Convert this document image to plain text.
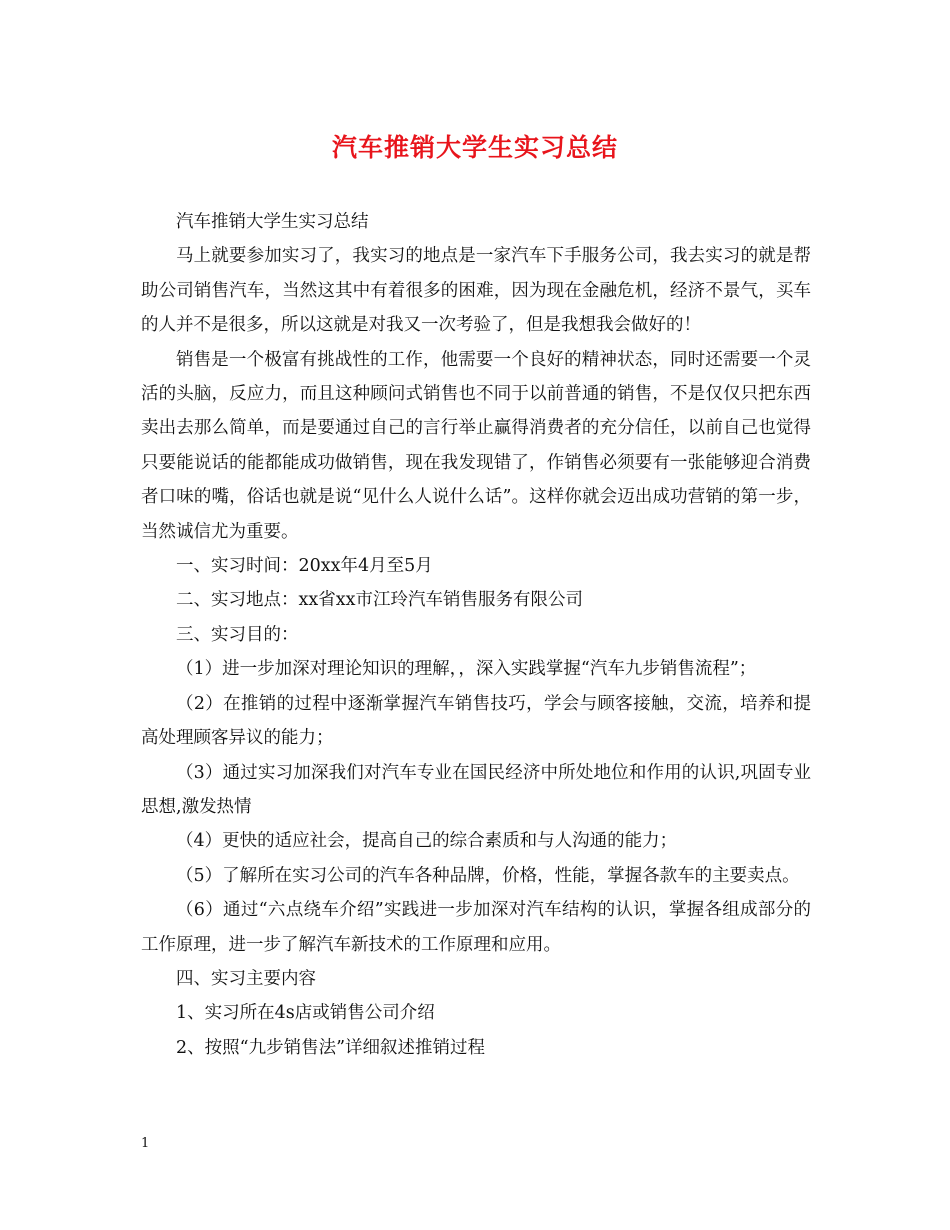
汽车推销大学生实习总结

汽车推销大学生实习总结

马上就要参加实习了，我实习的地点是一家汽车下手服务公司，我去实习的就是帮助公司销售汽车，当然这其中有着很多的困难，因为现在金融危机，经济不景气，买车的人并不是很多，所以这就是对我又一次考验了，但是我想我会做好的！

销售是一个极富有挑战性的工作，他需要一个良好的精神状态，同时还需要一个灵活的头脑，反应力，而且这种顾问式销售也不同于以前普通的销售，不是仅仅只把东西卖出去那么简单，而是要通过自己的言行举止赢得消费者的充分信任，以前自己也觉得只要能说话的能都能成功做销售，现在我发现错了，作销售必须要有一张能够迎合消费者口味的嘴，俗话也就是说“见什么人说什么话”。这样你就会迈出成功营销的第一步，当然诚信尤为重要。

一、实习时间：20xx年4月至5月

二、实习地点：xx省xx市江玲汽车销售服务有限公司

三、实习目的：

（1）进一步加深对理论知识的理解，，深入实践掌握“汽车九步销售流程”；

（2）在推销的过程中逐渐掌握汽车销售技巧，学会与顾客接触，交流，培养和提高处理顾客异议的能力；

（3）通过实习加深我们对汽车专业在国民经济中所处地位和作用的认识,巩固专业思想,激发热情

（4）更快的适应社会，提高自己的综合素质和与人沟通的能力；

（5）了解所在实习公司的汽车各种品牌，价格，性能，掌握各款车的主要卖点。

（6）通过“六点绕车介绍”实践进一步加深对汽车结构的认识，掌握各组成部分的工作原理，进一步了解汽车新技术的工作原理和应用。

四、实习主要内容

1、实习所在4s店或销售公司介绍

2、按照“九步销售法”详细叙述推销过程

1
